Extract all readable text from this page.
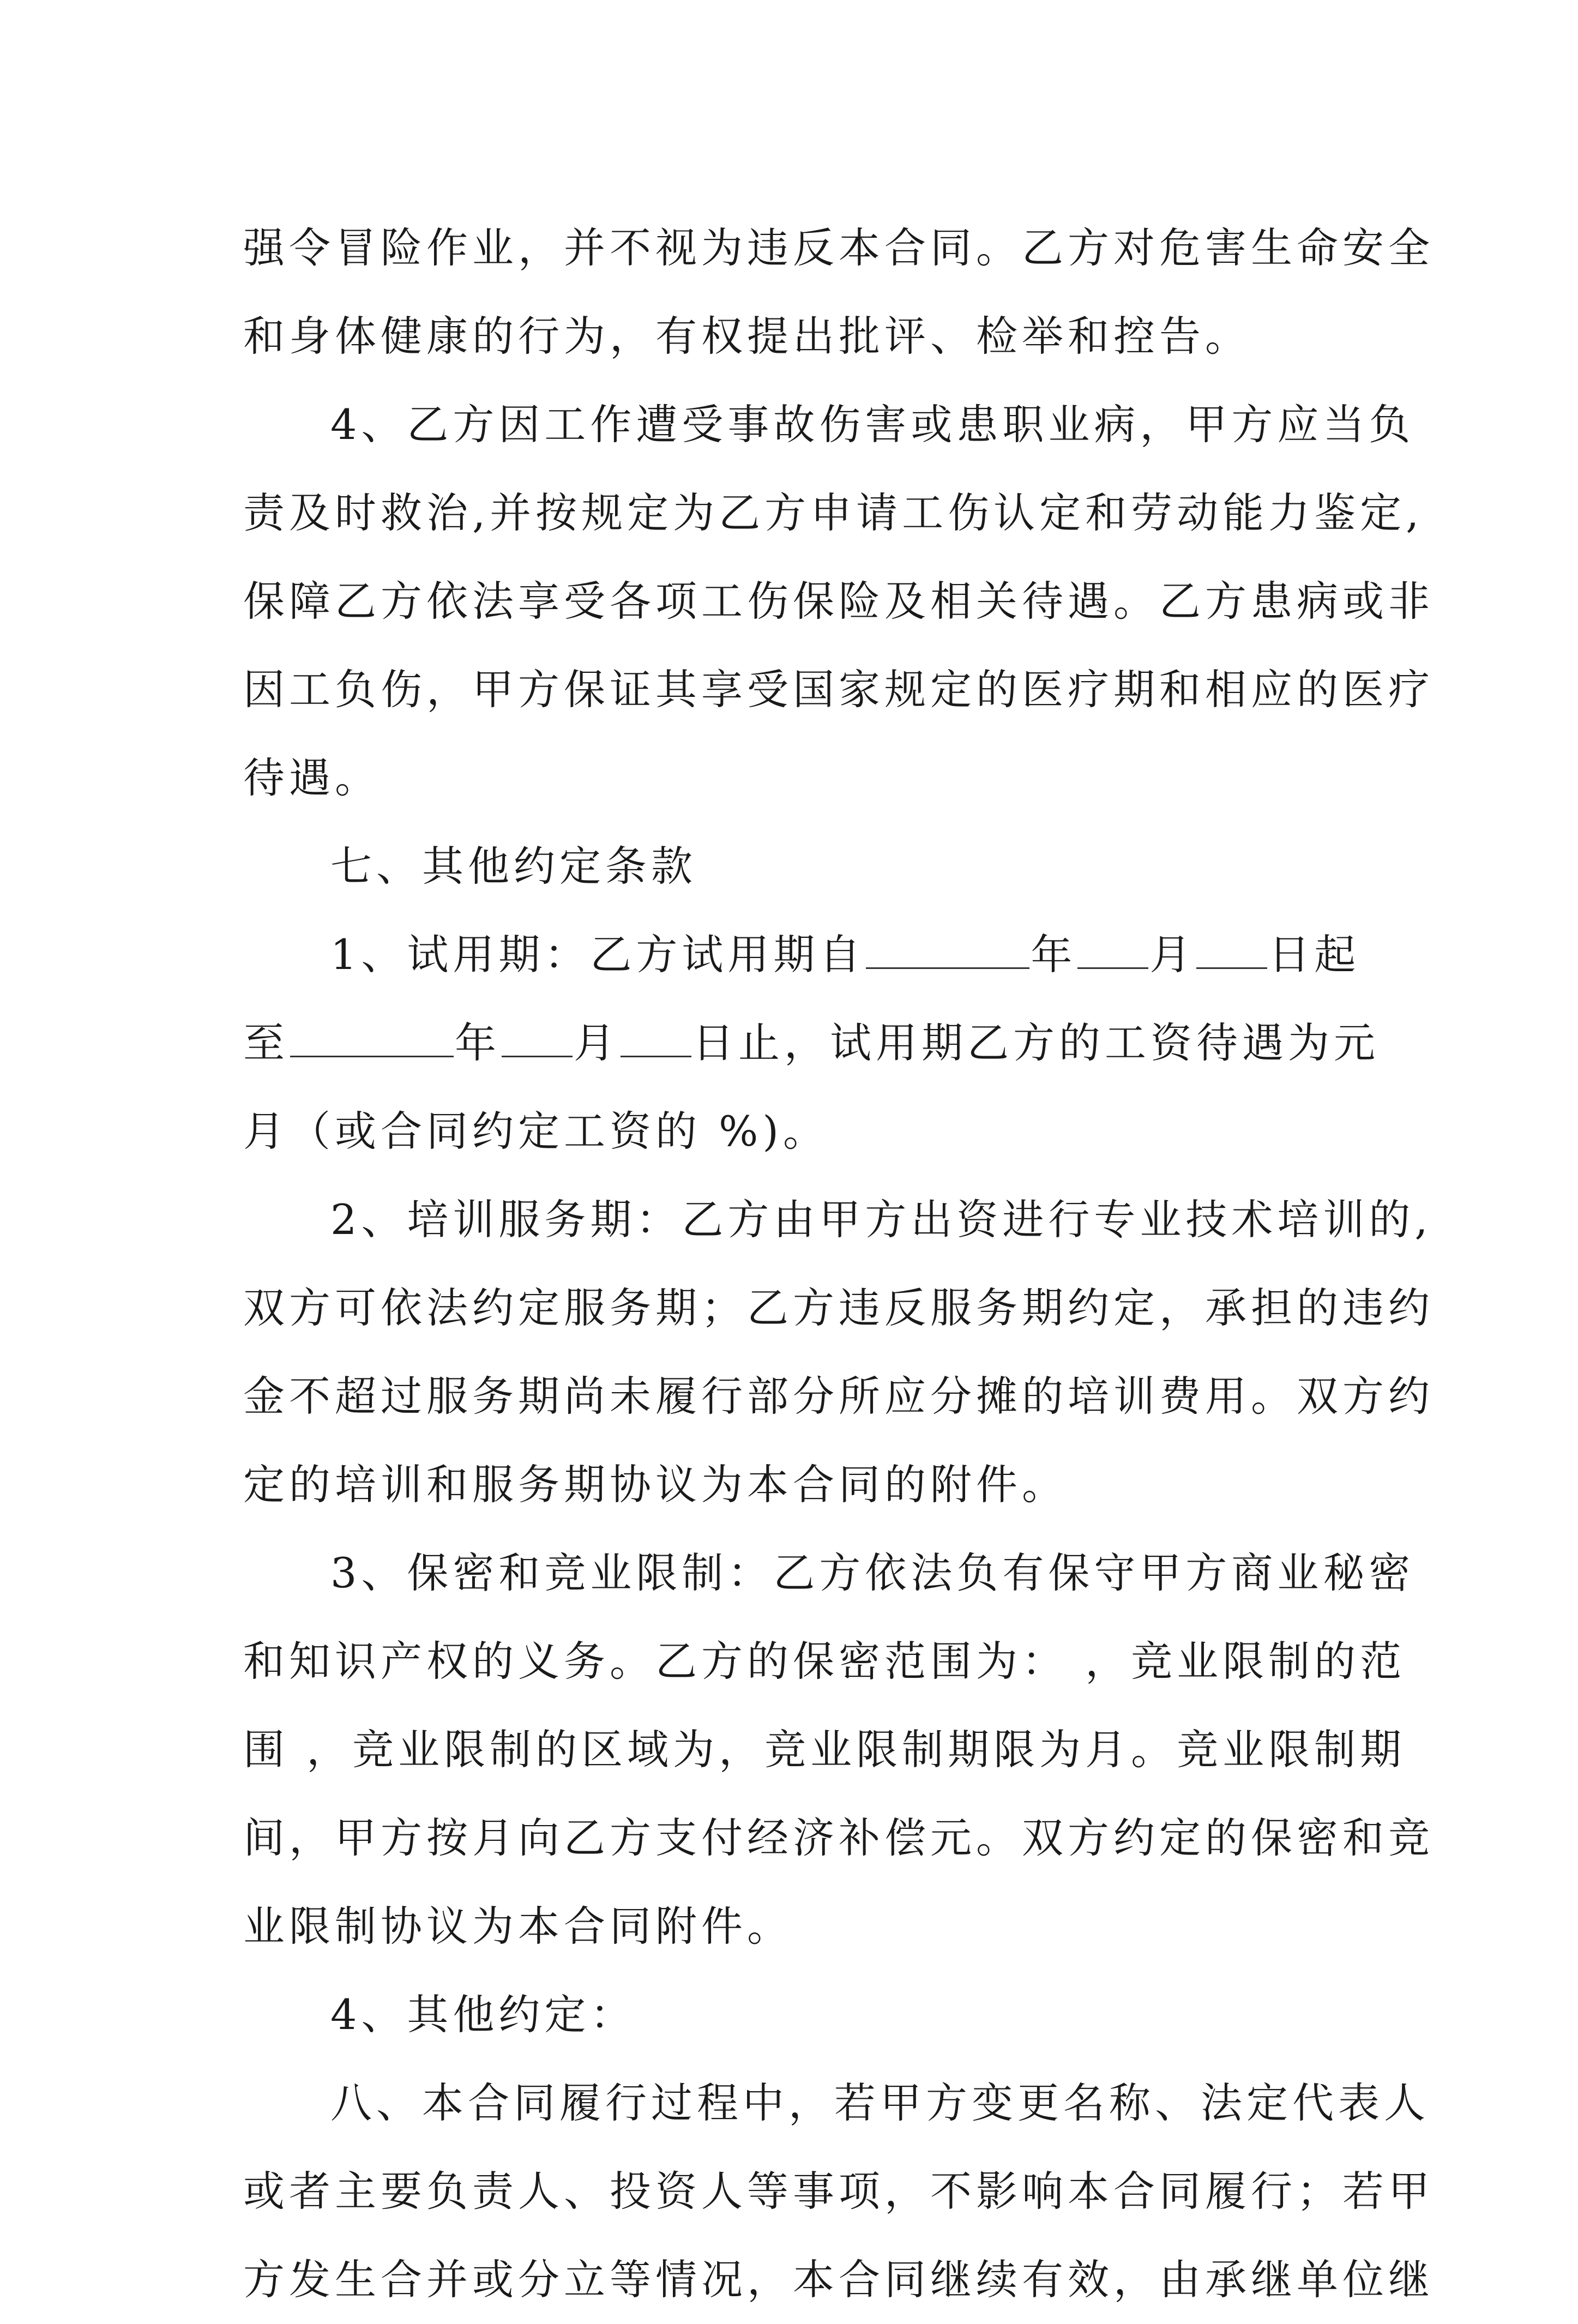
强令冒险作业，并不视为违反本合同。乙方对危害生命安全
和身体健康的行为，有权提出批评、检举和控告。
4、乙方因工作遭受事故伤害或患职业病，甲方应当负
责及时救治,并按规定为乙方申请工伤认定和劳动能力鉴定,
保障乙方依法享受各项工伤保险及相关待遇。乙方患病或非
因工负伤，甲方保证其享受国家规定的医疗期和相应的医疗
待遇。
七、其他约定条款
1、试用期：乙方试用期自	年 月 日起
至	年 月 日止，试用期乙方的工资待遇为元
月（或合同约定工资的 %)。
2、培训服务期：乙方由甲方出资进行专业技术培训的,
双方可依法约定服务期；乙方违反服务期约定，承担的违约
金不超过服务期尚未履行部分所应分摊的培训费用。双方约
定的培训和服务期协议为本合同的附件。
3、保密和竞业限制：乙方依法负有保守甲方商业秘密
和知识产权的义务。乙方的保密范围为： ，竞业限制的范
围 ，竞业限制的区域为，竞业限制期限为月。竞业限制期
间，甲方按月向乙方支付经济补偿元。双方约定的保密和竞
业限制协议为本合同附件。
4、其他约定：
八、本合同履行过程中，若甲方变更名称、法定代表人
或者主要负责人、投资人等事项，不影响本合同履行；若甲
方发生合并或分立等情况，本合同继续有效，由承继单位继
